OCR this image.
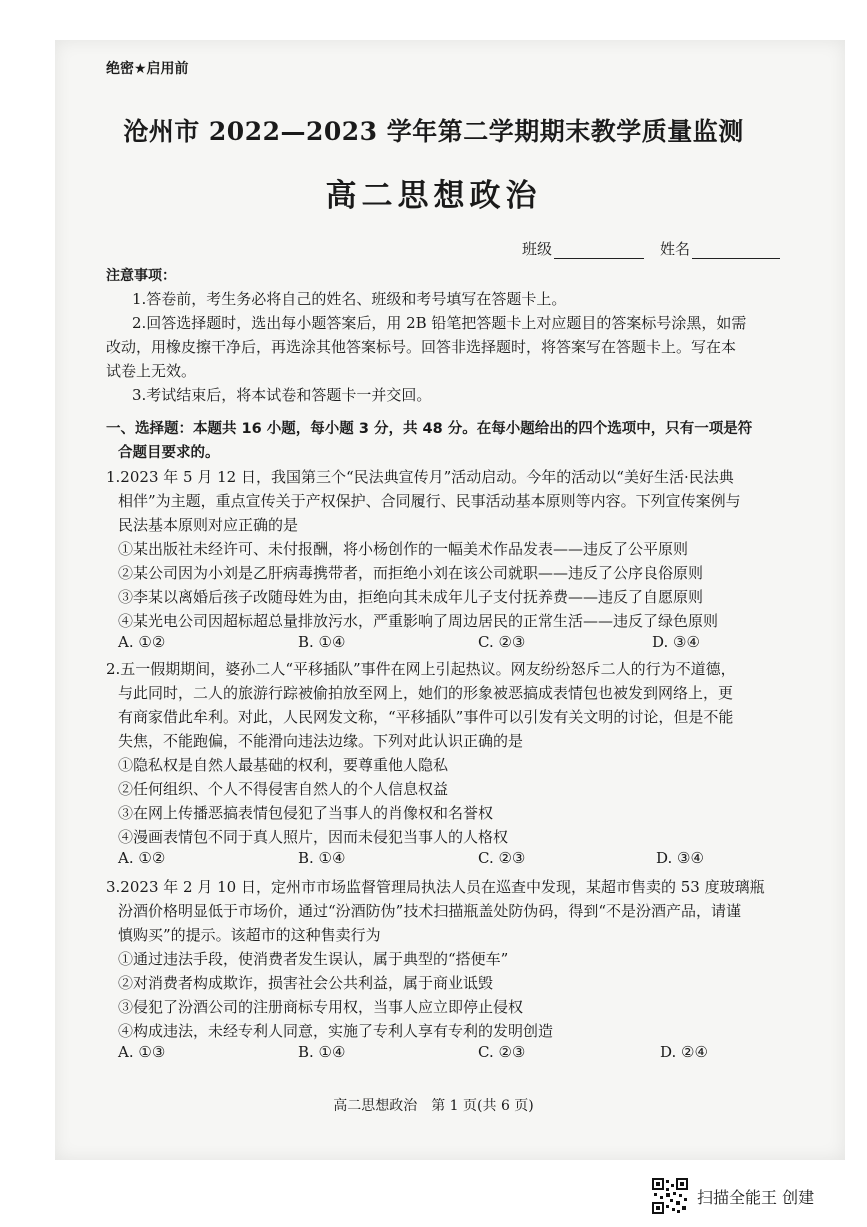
绝密★启用前
沧州市 2022—2023 学年第二学期期末教学质量监测
高二思想政治
班级	姓名
注意事项：
1.答卷前，考生务必将自己的姓名、班级和考号填写在答题卡上。
2.回答选择题时，选出每小题答案后，用 2B 铅笔把答题卡上对应题目的答案标号涂黑，如需
改动，用橡皮擦干净后，再选涂其他答案标号。回答非选择题时，将答案写在答题卡上。写在本
试卷上无效。
3.考试结束后，将本试卷和答题卡一并交回。
一、选择题：本题共 16 小题，每小题 3 分，共 48 分。在每小题给出的四个选项中，只有一项是符
合题目要求的。
1.2023 年 5 月 12 日，我国第三个“民法典宣传月”活动启动。今年的活动以“美好生活·民法典
相伴”为主题，重点宣传关于产权保护、合同履行、民事活动基本原则等内容。下列宣传案例与
民法基本原则对应正确的是
①某出版社未经许可、未付报酬，将小杨创作的一幅美术作品发表——违反了公平原则
②某公司因为小刘是乙肝病毒携带者，而拒绝小刘在该公司就职——违反了公序良俗原则
③李某以离婚后孩子改随母姓为由，拒绝向其未成年儿子支付抚养费——违反了自愿原则
④某光电公司因超标超总量排放污水，严重影响了周边居民的正常生活——违反了绿色原则
A. ①②	B. ①④	C. ②③	D. ③④
2.五一假期期间，婆孙二人“平移插队”事件在网上引起热议。网友纷纷怒斥二人的行为不道德，
与此同时，二人的旅游行踪被偷拍放至网上，她们的形象被恶搞成表情包也被发到网络上，更
有商家借此牟利。对此，人民网发文称，“平移插队”事件可以引发有关文明的讨论，但是不能
失焦，不能跑偏，不能滑向违法边缘。下列对此认识正确的是
①隐私权是自然人最基础的权利，要尊重他人隐私
②任何组织、个人不得侵害自然人的个人信息权益
③在网上传播恶搞表情包侵犯了当事人的肖像权和名誉权
④漫画表情包不同于真人照片，因而未侵犯当事人的人格权
A. ①②	B. ①④	C. ②③	D. ③④
3.2023 年 2 月 10 日，定州市市场监督管理局执法人员在巡查中发现，某超市售卖的 53 度玻璃瓶
汾酒价格明显低于市场价，通过“汾酒防伪”技术扫描瓶盖处防伪码，得到“不是汾酒产品，请谨
慎购买”的提示。该超市的这种售卖行为
①通过违法手段，使消费者发生误认，属于典型的“搭便车”
②对消费者构成欺诈，损害社会公共利益，属于商业诋毁
③侵犯了汾酒公司的注册商标专用权，当事人应立即停止侵权
④构成违法，未经专利人同意，实施了专利人享有专利的发明创造
A. ①③	B. ①④	C. ②③	D. ②④
高二思想政治　第 1 页(共 6 页)
扫描全能王 创建
